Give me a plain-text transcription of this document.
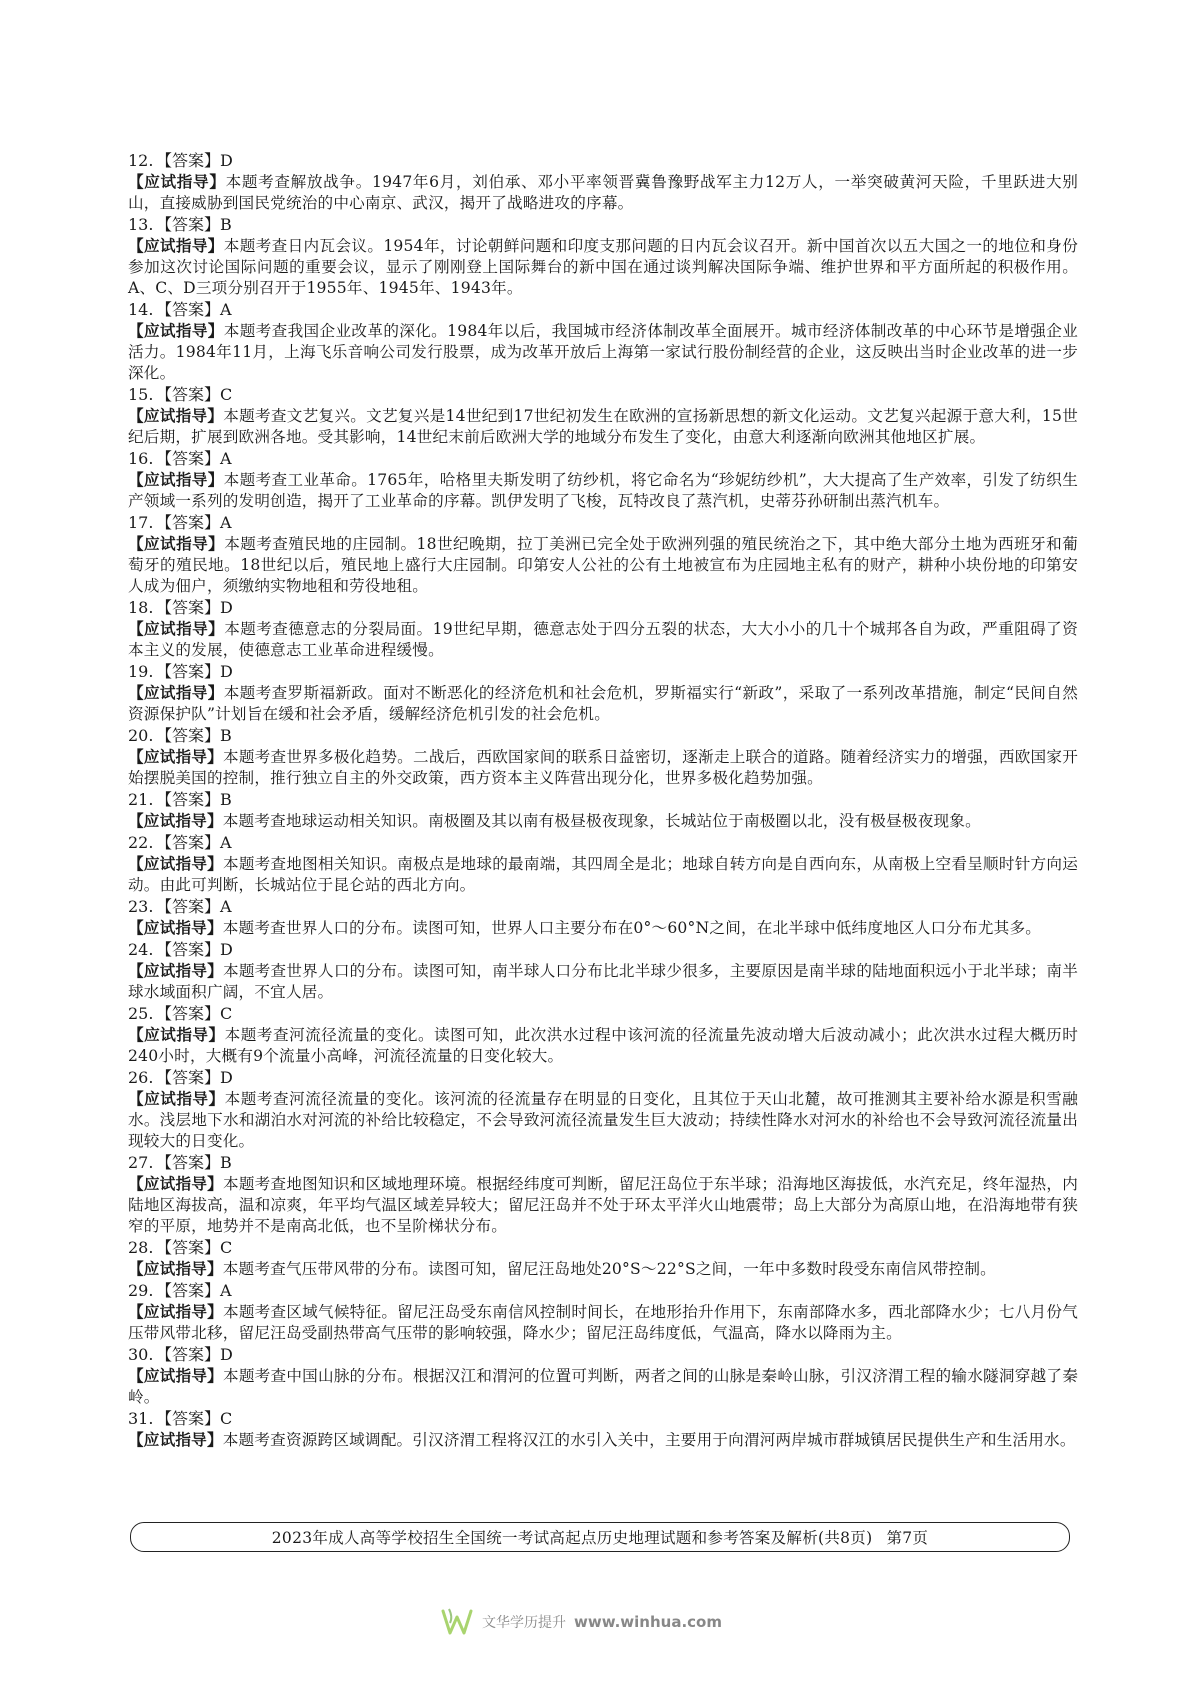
12. 【答案】D
【应试指导】本题考查解放战争。1947年6月，刘伯承、邓小平率领晋冀鲁豫野战军主力12万人，一举突破黄河天险，千里跃进大别山，直接威胁到国民党统治的中心南京、武汉，揭开了战略进攻的序幕。
13. 【答案】B
【应试指导】本题考查日内瓦会议。1954年，讨论朝鲜问题和印度支那问题的日内瓦会议召开。新中国首次以五大国之一的地位和身份参加这次讨论国际问题的重要会议，显示了刚刚登上国际舞台的新中国在通过谈判解决国际争端、维护世界和平方面所起的积极作用。A、C、D三项分别召开于1955年、1945年、1943年。
14. 【答案】A
【应试指导】本题考查我国企业改革的深化。1984年以后，我国城市经济体制改革全面展开。城市经济体制改革的中心环节是增强企业活力。1984年11月，上海飞乐音响公司发行股票，成为改革开放后上海第一家试行股份制经营的企业，这反映出当时企业改革的进一步深化。
15. 【答案】C
【应试指导】本题考查文艺复兴。文艺复兴是14世纪到17世纪初发生在欧洲的宣扬新思想的新文化运动。文艺复兴起源于意大利，15世纪后期，扩展到欧洲各地。受其影响，14世纪末前后欧洲大学的地域分布发生了变化，由意大利逐渐向欧洲其他地区扩展。
16. 【答案】A
【应试指导】本题考查工业革命。1765年，哈格里夫斯发明了纺纱机，将它命名为“珍妮纺纱机”，大大提高了生产效率，引发了纺织生产领域一系列的发明创造，揭开了工业革命的序幕。凯伊发明了飞梭，瓦特改良了蒸汽机，史蒂芬孙研制出蒸汽机车。
17. 【答案】A
【应试指导】本题考查殖民地的庄园制。18世纪晚期，拉丁美洲已完全处于欧洲列强的殖民统治之下，其中绝大部分土地为西班牙和葡萄牙的殖民地。18世纪以后，殖民地上盛行大庄园制。印第安人公社的公有土地被宣布为庄园地主私有的财产，耕种小块份地的印第安人成为佃户，须缴纳实物地租和劳役地租。
18. 【答案】D
【应试指导】本题考查德意志的分裂局面。19世纪早期，德意志处于四分五裂的状态，大大小小的几十个城邦各自为政，严重阻碍了资本主义的发展，使德意志工业革命进程缓慢。
19. 【答案】D
【应试指导】本题考查罗斯福新政。面对不断恶化的经济危机和社会危机，罗斯福实行“新政”，采取了一系列改革措施，制定“民间自然资源保护队”计划旨在缓和社会矛盾，缓解经济危机引发的社会危机。
20. 【答案】B
【应试指导】本题考查世界多极化趋势。二战后，西欧国家间的联系日益密切，逐渐走上联合的道路。随着经济实力的增强，西欧国家开始摆脱美国的控制，推行独立自主的外交政策，西方资本主义阵营出现分化，世界多极化趋势加强。
21. 【答案】B
【应试指导】本题考查地球运动相关知识。南极圈及其以南有极昼极夜现象，长城站位于南极圈以北，没有极昼极夜现象。
22. 【答案】A
【应试指导】本题考查地图相关知识。南极点是地球的最南端，其四周全是北；地球自转方向是自西向东，从南极上空看呈顺时针方向运动。由此可判断，长城站位于昆仑站的西北方向。
23. 【答案】A
【应试指导】本题考查世界人口的分布。读图可知，世界人口主要分布在0°～60°N之间，在北半球中低纬度地区人口分布尤其多。
24. 【答案】D
【应试指导】本题考查世界人口的分布。读图可知，南半球人口分布比北半球少很多，主要原因是南半球的陆地面积远小于北半球；南半球水域面积广阔，不宜人居。
25. 【答案】C
【应试指导】本题考查河流径流量的变化。读图可知，此次洪水过程中该河流的径流量先波动增大后波动减小；此次洪水过程大概历时240小时，大概有9个流量小高峰，河流径流量的日变化较大。
26. 【答案】D
【应试指导】本题考查河流径流量的变化。该河流的径流量存在明显的日变化，且其位于天山北麓，故可推测其主要补给水源是积雪融水。浅层地下水和湖泊水对河流的补给比较稳定，不会导致河流径流量发生巨大波动；持续性降水对河水的补给也不会导致河流径流量出现较大的日变化。
27. 【答案】B
【应试指导】本题考查地图知识和区域地理环境。根据经纬度可判断，留尼汪岛位于东半球；沿海地区海拔低，水汽充足，终年湿热，内陆地区海拔高，温和凉爽，年平均气温区域差异较大；留尼汪岛并不处于环太平洋火山地震带；岛上大部分为高原山地，在沿海地带有狭窄的平原，地势并不是南高北低，也不呈阶梯状分布。
28. 【答案】C
【应试指导】本题考查气压带风带的分布。读图可知，留尼汪岛地处20°S～22°S之间，一年中多数时段受东南信风带控制。
29. 【答案】A
【应试指导】本题考查区域气候特征。留尼汪岛受东南信风控制时间长，在地形抬升作用下，东南部降水多，西北部降水少；七八月份气压带风带北移，留尼汪岛受副热带高气压带的影响较强，降水少；留尼汪岛纬度低，气温高，降水以降雨为主。
30. 【答案】D
【应试指导】本题考查中国山脉的分布。根据汉江和渭河的位置可判断，两者之间的山脉是秦岭山脉，引汉济渭工程的输水隧洞穿越了秦岭。
31. 【答案】C
【应试指导】本题考查资源跨区域调配。引汉济渭工程将汉江的水引入关中，主要用于向渭河两岸城市群城镇居民提供生产和生活用水。
2023年成人高等学校招生全国统一考试高起点历史地理试题和参考答案及解析(共8页) 第7页
文华学历提升 www.winhua.com
